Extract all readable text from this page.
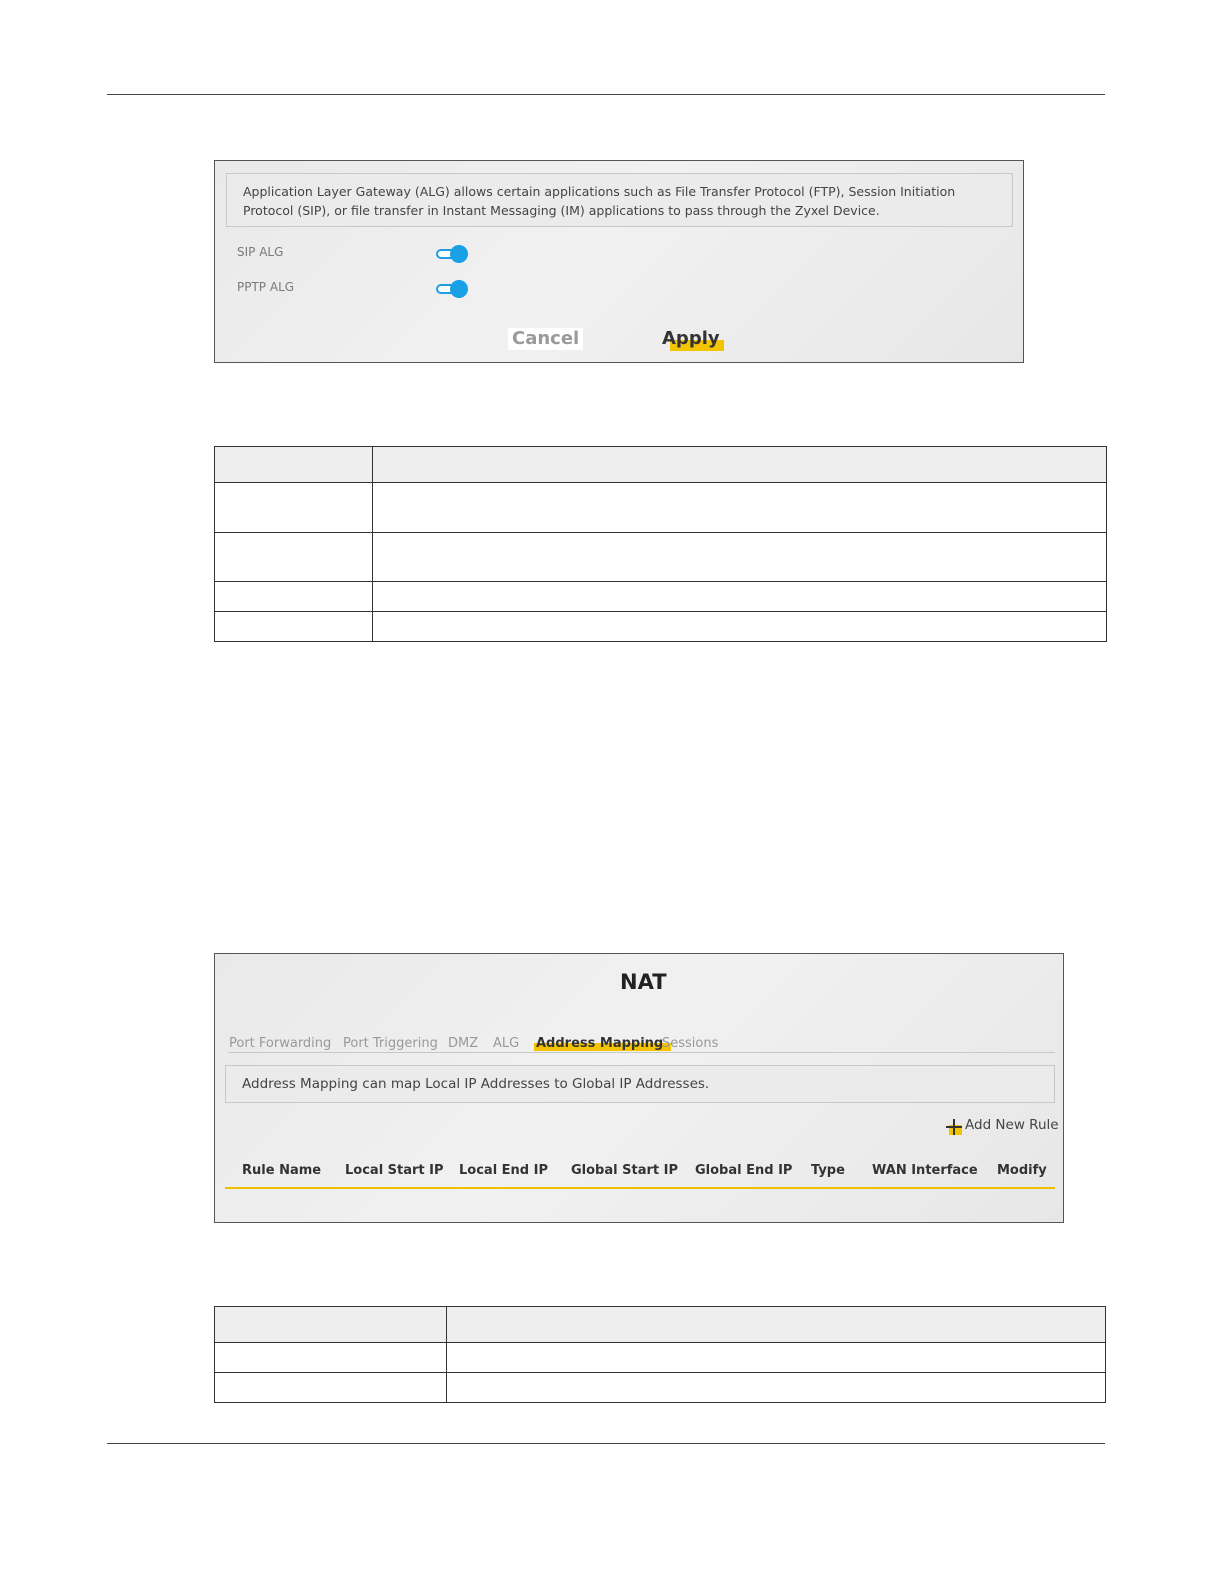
Application Layer Gateway (ALG) allows certain applications such as File Transfer Protocol (FTP), Session Initiation Protocol (SIP), or file transfer in Instant Messaging (IM) applications to pass through the Zyxel Device.
SIP ALG
PPTP ALG
Cancel	Apply

NAT
Port Forwarding Port Triggering DMZ ALG Address Mapping
Sessions
Address Mapping can map Local IP Addresses to Global IP Addresses.
Add New Rule
Rule Name Local Start IP Local End IP Global Start IP Global End IP Type WAN Interface Modify
